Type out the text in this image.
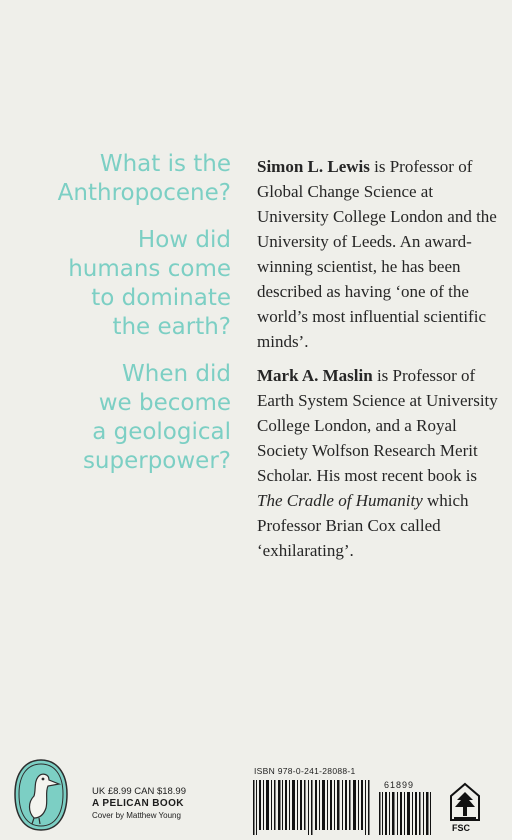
What is the
Anthropocene?

How did
humans come
to dominate
the earth?

When did
we become
a geological
superpower?

Simon L. Lewis is Professor of Global Change Science at University College London and the University of Leeds. An award-winning scientist, he has been described as having ‘one of the world’s most influential scientific minds’.

Mark A. Maslin is Professor of Earth System Science at University College London, and a Royal Society Wolfson Research Merit Scholar. His most recent book is The Cradle of Humanity which Professor Brian Cox called ‘exhilarating’.

UK £8.99 CAN $18.99
A PELICAN BOOK
Cover by Matthew Young
ISBN 978-0-241-28088-1
61899
FSC
